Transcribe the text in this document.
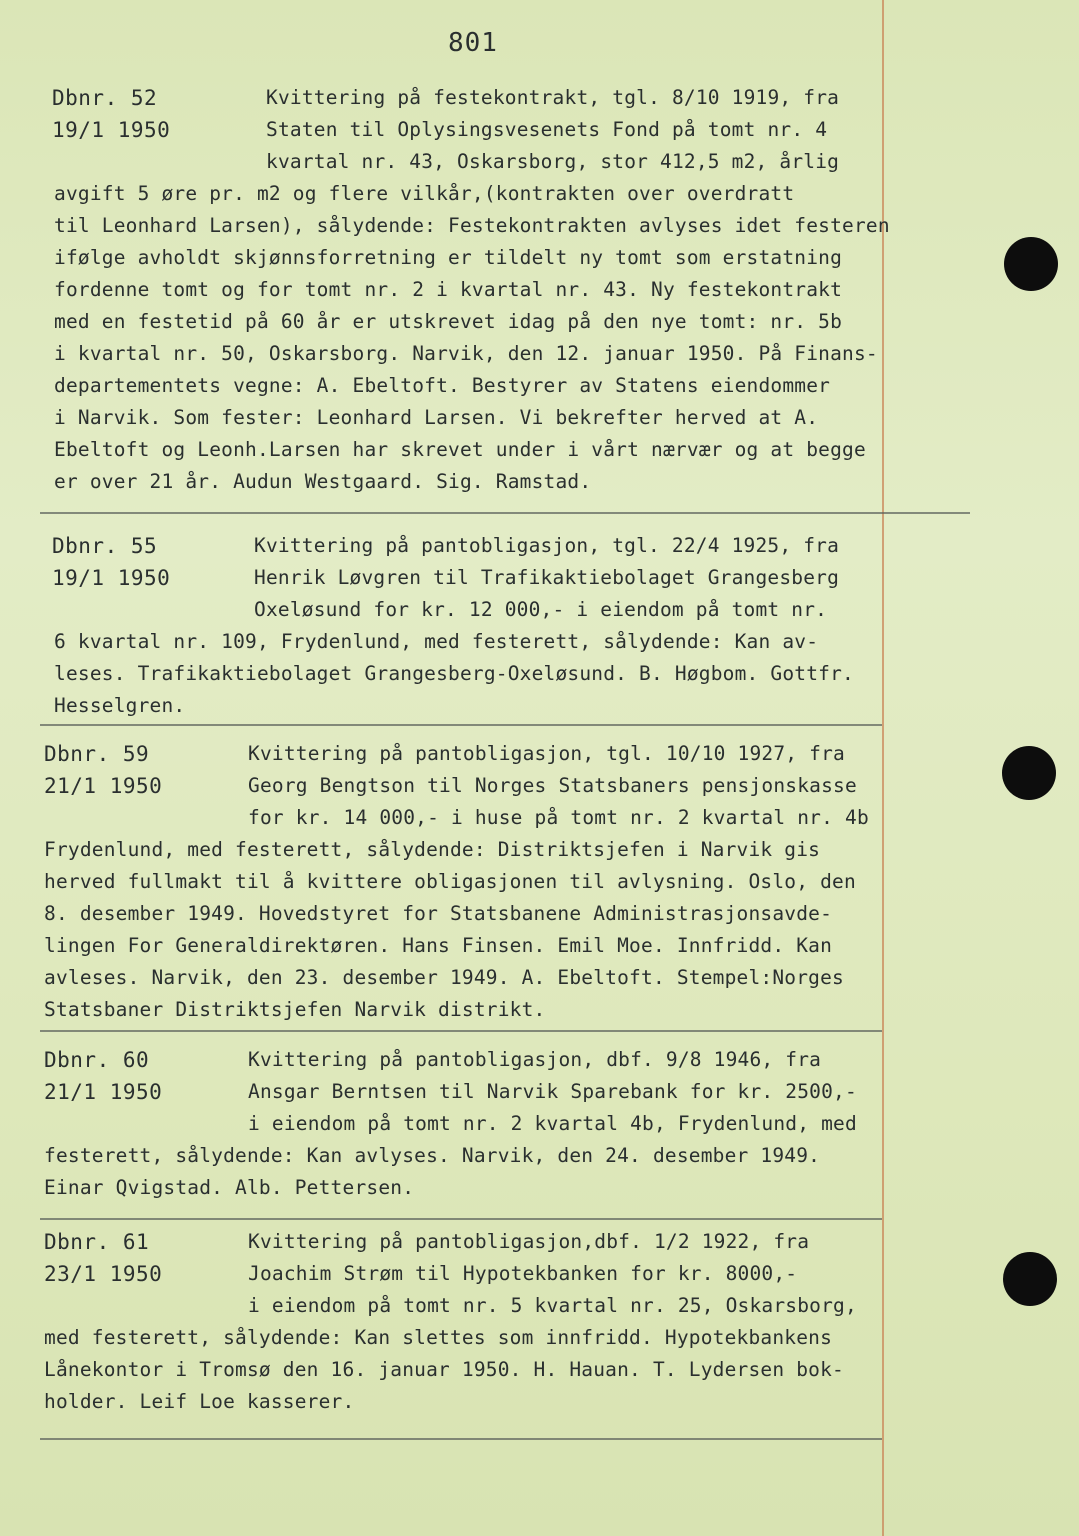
801
Dbnr. 52
19/1 1950
Kvittering på festekontrakt, tgl. 8/10 1919, fra
Staten til Oplysingsvesenets Fond på tomt nr. 4
kvartal nr. 43, Oskarsborg, stor 412,5 m2, årlig
avgift 5 øre pr. m2 og flere vilkår,(kontrakten over overdratt
til Leonhard Larsen), sålydende: Festekontrakten avlyses idet festeren
ifølge avholdt skjønnsforretning er tildelt ny tomt som erstatning
fordenne tomt og for tomt nr. 2 i kvartal nr. 43. Ny festekontrakt
med en festetid på 60 år er utskrevet idag på den nye tomt: nr. 5b
i kvartal nr. 50, Oskarsborg. Narvik, den 12. januar 1950. På Finans-
departementets vegne: A. Ebeltoft. Bestyrer av Statens eiendommer
i Narvik. Som fester: Leonhard Larsen. Vi bekrefter herved at A.
Ebeltoft og Leonh.Larsen har skrevet under i vårt nærvær og at begge
er over 21 år. Audun Westgaard. Sig. Ramstad.
Dbnr. 55
19/1 1950
Kvittering på pantobligasjon, tgl. 22/4 1925, fra
Henrik Løvgren til Trafikaktiebolaget Grangesberg
Oxeløsund for kr. 12 000,- i eiendom på tomt nr.
6 kvartal nr. 109, Frydenlund, med festerett, sålydende: Kan av-
leses. Trafikaktiebolaget Grangesberg-Oxeløsund. B. Høgbom. Gottfr.
Hesselgren.
Dbnr. 59
21/1 1950
Kvittering på pantobligasjon, tgl. 10/10 1927, fra
Georg Bengtson til Norges Statsbaners pensjonskasse
for kr. 14 000,- i huse på tomt nr. 2 kvartal nr. 4b
Frydenlund, med festerett, sålydende: Distriktsjefen i Narvik gis
herved fullmakt til å kvittere obligasjonen til avlysning. Oslo, den
8. desember 1949. Hovedstyret for Statsbanene Administrasjonsavde-
lingen For Generaldirektøren. Hans Finsen. Emil Moe. Innfridd. Kan
avleses. Narvik, den 23. desember 1949. A. Ebeltoft. Stempel:Norges
Statsbaner Distriktsjefen Narvik distrikt.
Dbnr. 60
21/1 1950
Kvittering på pantobligasjon, dbf. 9/8 1946, fra
Ansgar Berntsen til Narvik Sparebank for kr. 2500,-
i eiendom på tomt nr. 2 kvartal 4b, Frydenlund, med
festerett, sålydende: Kan avlyses. Narvik, den 24. desember 1949.
Einar Qvigstad. Alb. Pettersen.
Dbnr. 61
23/1 1950
Kvittering på pantobligasjon,dbf. 1/2 1922, fra
Joachim Strøm til Hypotekbanken for kr. 8000,-
i eiendom på tomt nr. 5 kvartal nr. 25, Oskarsborg,
med festerett, sålydende: Kan slettes som innfridd. Hypotekbankens
Lånekontor i Tromsø den 16. januar 1950. H. Hauan. T. Lydersen bok-
holder. Leif Loe kasserer.
